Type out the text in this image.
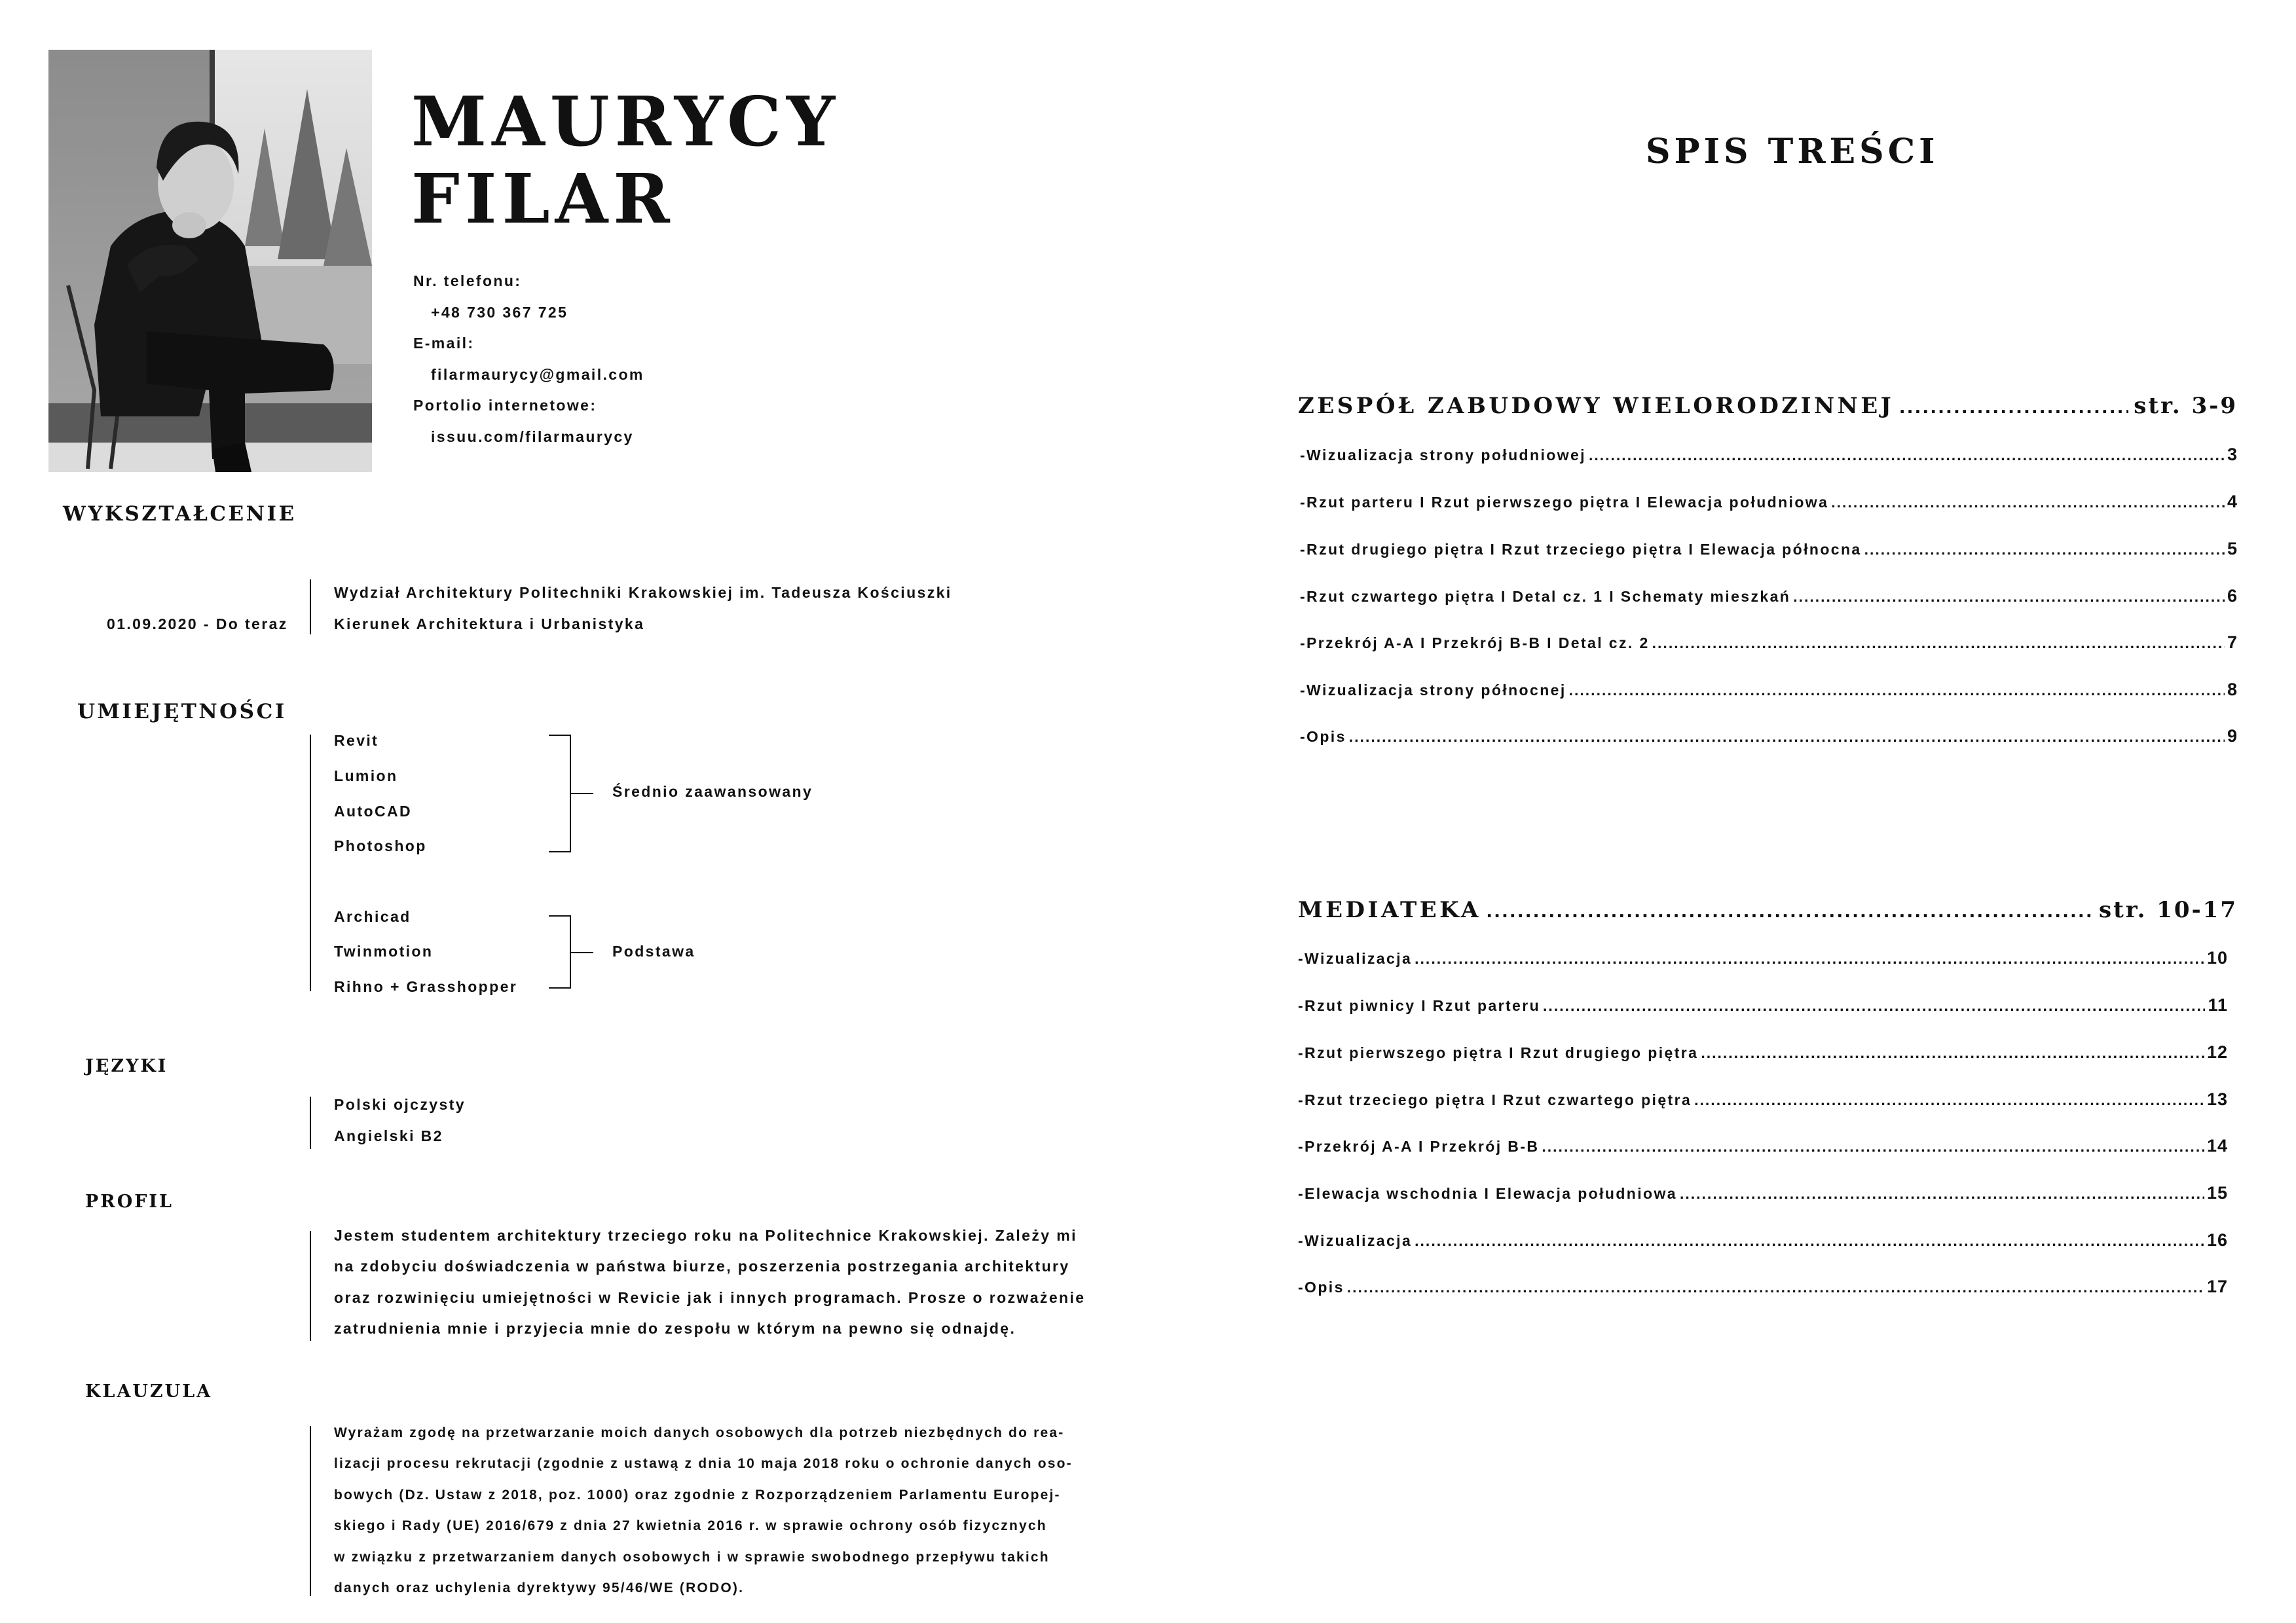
MAURYCY
FILAR
Nr. telefonu:
+48 730 367 725
E-mail:
filarmaurycy@gmail.com
Portolio internetowe:
issuu.com/filarmaurycy
WYKSZTAŁCENIE
01.09.2020 - Do teraz
Wydział Architektury Politechniki Krakowskiej im. Tadeusza Kościuszki
Kierunek Architektura i Urbanistyka
UMIEJĘTNOŚCI
Revit
Lumion
AutoCAD
Photoshop
Średnio zaawansowany
Archicad
Twinmotion
Rihno + Grasshopper
Podstawa
JĘZYKI
Polski ojczysty
Angielski B2
PROFIL
Jestem studentem architektury trzeciego roku na Politechnice Krakowskiej. Zależy mi
na zdobyciu doświadczenia w państwa biurze, poszerzenia postrzegania architektury
oraz rozwinięciu umiejętności w Revicie jak i innych programach. Prosze o rozważenie
zatrudnienia mnie i przyjecia mnie do zespołu w którym na pewno się odnajdę.
KLAUZULA
Wyrażam zgodę na przetwarzanie moich danych osobowych dla potrzeb niezbędnych do rea-
lizacji procesu rekrutacji (zgodnie z ustawą z dnia 10 maja 2018 roku o ochronie danych oso-
bowych (Dz. Ustaw z 2018, poz. 1000) oraz zgodnie z Rozporządzeniem Parlamentu Europej-
skiego i Rady (UE) 2016/679 z dnia 27 kwietnia 2016 r. w sprawie ochrony osób fizycznych
w związku z przetwarzaniem danych osobowych i w sprawie swobodnego przepływu takich
danych oraz uchylenia dyrektywy 95/46/WE (RODO).
SPIS TREŚCI
ZESPÓŁ ZABUDOWY WIELORODZINNEJ .....	str. 3-9
-Wizualizacja strony południowej .....	3
-Rzut parteru I Rzut pierwszego piętra I Elewacja południowa .....	4
-Rzut drugiego piętra I Rzut trzeciego piętra I Elewacja północna .....	5
-Rzut czwartego piętra I Detal cz. 1 I Schematy mieszkań .....	6
-Przekrój A-A I Przekrój B-B I Detal cz. 2 .....	7
-Wizualizacja strony północnej .....	8
-Opis .....	9
MEDIATEKA .....	str. 10-17
-Wizualizacja .....	10
-Rzut piwnicy I Rzut parteru .....	11
-Rzut pierwszego piętra I Rzut drugiego piętra .....	12
-Rzut trzeciego piętra I Rzut czwartego piętra .....	13
-Przekrój A-A I Przekrój B-B .....	14
-Elewacja wschodnia I Elewacja południowa .....	15
-Wizualizacja .....	16
-Opis .....	17
